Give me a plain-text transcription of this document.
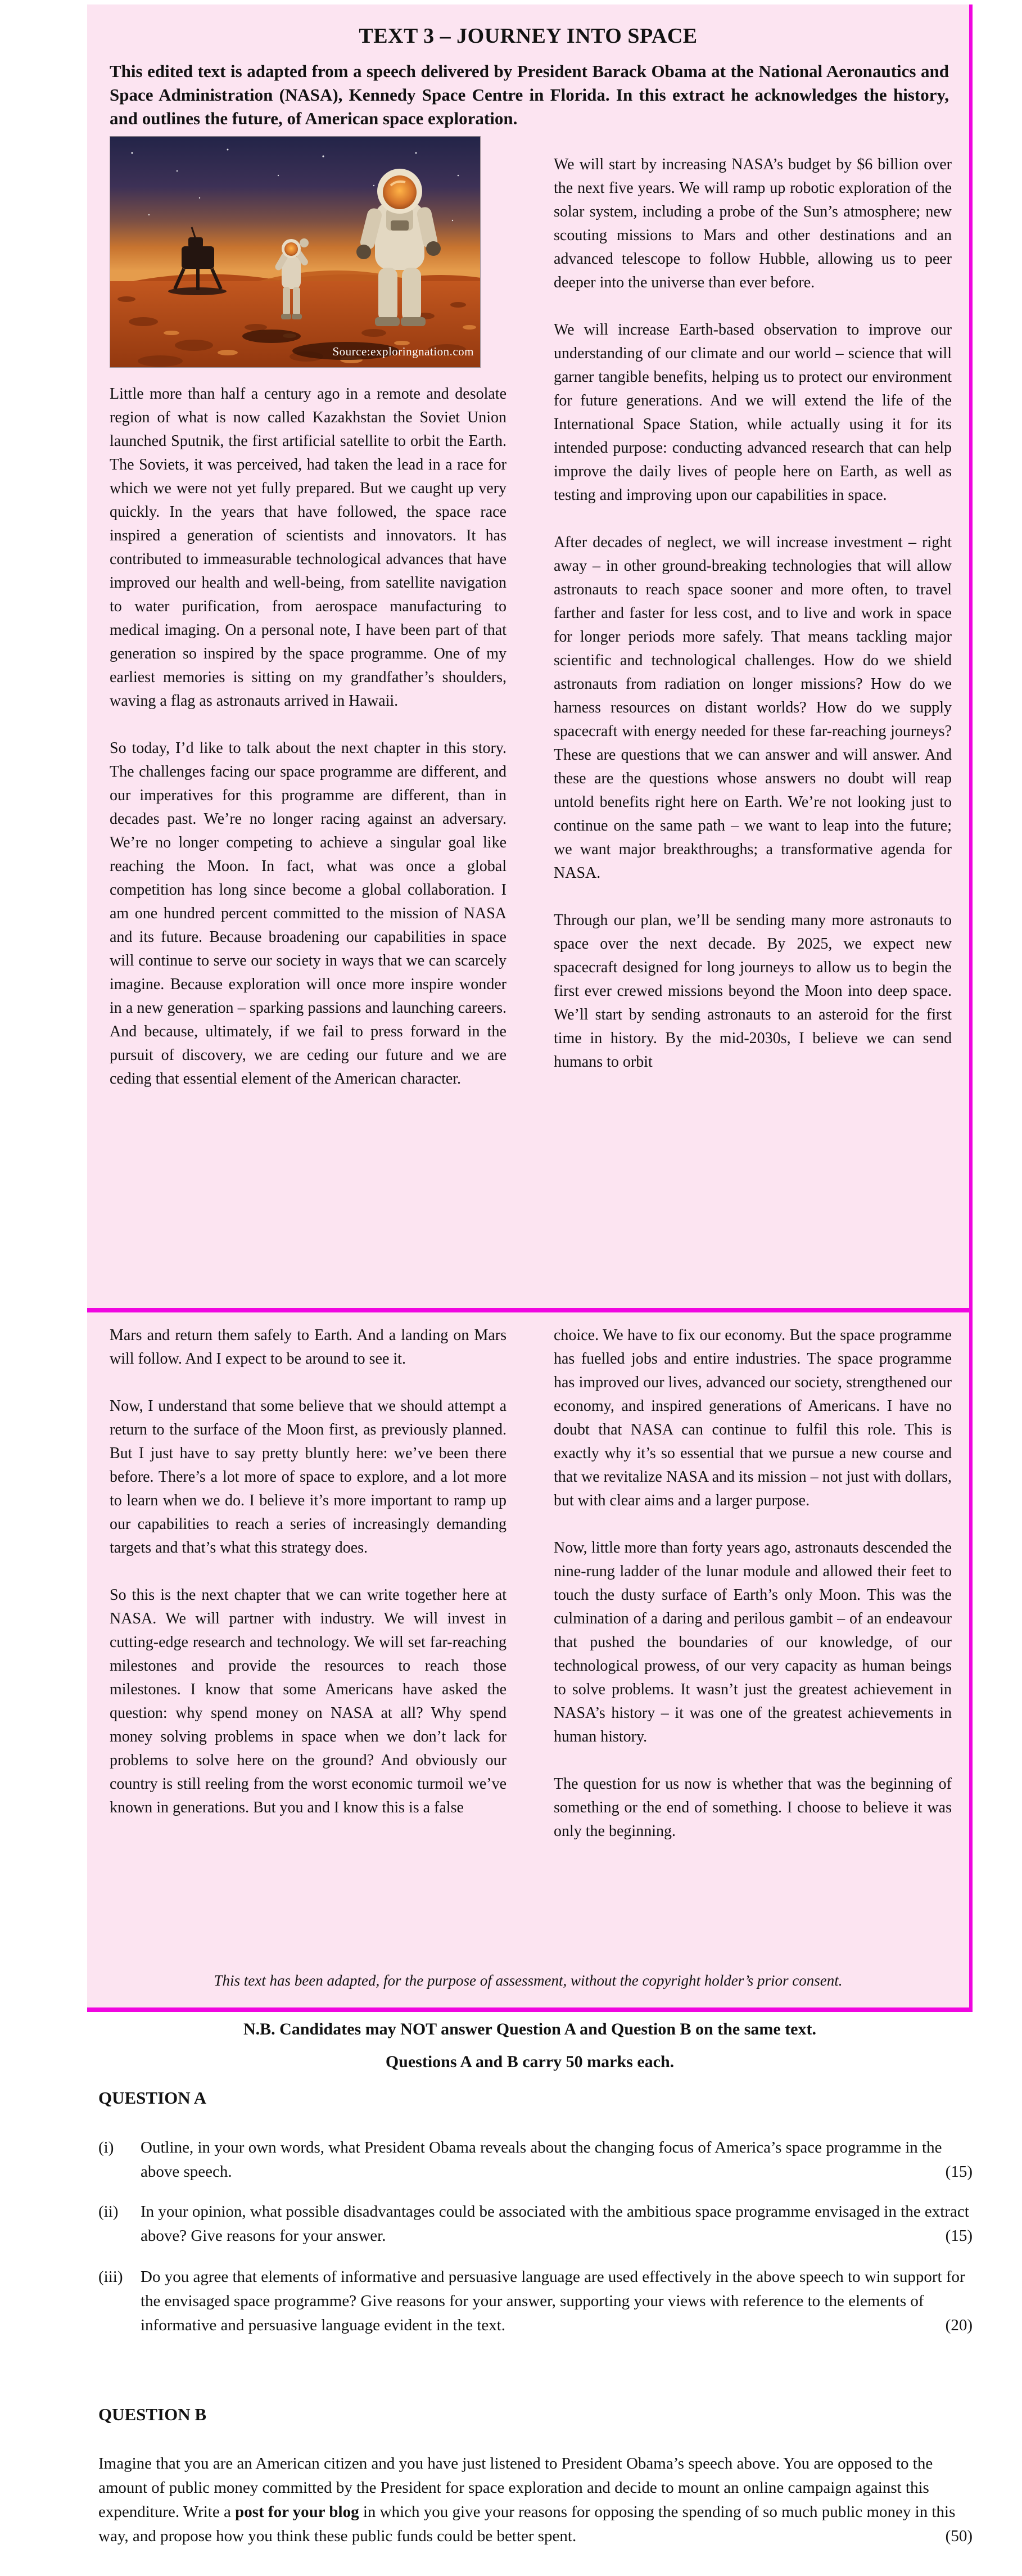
TEXT 3 – JOURNEY INTO SPACE
This edited text is adapted from a speech delivered by President Barack Obama at the National Aeronautics and Space Administration (NASA), Kennedy Space Centre in Florida. In this extract he acknowledges the history, and outlines the future, of American space exploration.
Source:exploringnation.com

Little more than half a century ago in a remote and desolate region of what is now called Kazakhstan the Soviet Union launched Sputnik, the first artificial satellite to orbit the Earth. The Soviets, it was perceived, had taken the lead in a race for which we were not yet fully prepared. But we caught up very quickly. In the years that have followed, the space race inspired a generation of scientists and innovators. It has contributed to immeasurable technological advances that have improved our health and well-being, from satellite navigation to water purification, from aerospace manufacturing to medical imaging. On a personal note, I have been part of that generation so inspired by the space programme. One of my earliest memories is sitting on my grandfather’s shoulders, waving a flag as astronauts arrived in Hawaii.

So today, I’d like to talk about the next chapter in this story. The challenges facing our space programme are different, and our imperatives for this programme are different, than in decades past. We’re no longer racing against an adversary. We’re no longer competing to achieve a singular goal like reaching the Moon. In fact, what was once a global competition has long since become a global collaboration. I am one hundred percent committed to the mission of NASA and its future. Because broadening our capabilities in space will continue to serve our society in ways that we can scarcely imagine. Because exploration will once more inspire wonder in a new generation – sparking passions and launching careers. And because, ultimately, if we fail to press forward in the pursuit of discovery, we are ceding our future and we are ceding that essential element of the American character.

We will start by increasing NASA’s budget by $6 billion over the next five years. We will ramp up robotic exploration of the solar system, including a probe of the Sun’s atmosphere; new scouting missions to Mars and other destinations and an advanced telescope to follow Hubble, allowing us to peer deeper into the universe than ever before.

We will increase Earth-based observation to improve our understanding of our climate and our world – science that will garner tangible benefits, helping us to protect our environment for future generations. And we will extend the life of the International Space Station, while actually using it for its intended purpose: conducting advanced research that can help improve the daily lives of people here on Earth, as well as testing and improving upon our capabilities in space.

After decades of neglect, we will increase investment – right away – in other ground-breaking technologies that will allow astronauts to reach space sooner and more often, to travel farther and faster for less cost, and to live and work in space for longer periods more safely. That means tackling major scientific and technological challenges. How do we shield astronauts from radiation on longer missions? How do we harness resources on distant worlds? How do we supply spacecraft with energy needed for these far-reaching journeys? These are questions that we can answer and will answer. And these are the questions whose answers no doubt will reap untold benefits right here on Earth. We’re not looking just to continue on the same path – we want to leap into the future; we want major breakthroughs; a transformative agenda for NASA.

Through our plan, we’ll be sending many more astronauts to space over the next decade. By 2025, we expect new spacecraft designed for long journeys to allow us to begin the first ever crewed missions beyond the Moon into deep space. We’ll start by sending astronauts to an asteroid for the first time in history. By the mid-2030s, I believe we can send humans to orbit

Mars and return them safely to Earth. And a landing on Mars will follow. And I expect to be around to see it.

Now, I understand that some believe that we should attempt a return to the surface of the Moon first, as previously planned. But I just have to say pretty bluntly here: we’ve been there before. There’s a lot more of space to explore, and a lot more to learn when we do. I believe it’s more important to ramp up our capabilities to reach a series of increasingly demanding targets and that’s what this strategy does.

So this is the next chapter that we can write together here at NASA. We will partner with industry. We will invest in cutting-edge research and technology. We will set far-reaching milestones and provide the resources to reach those milestones. I know that some Americans have asked the question: why spend money on NASA at all? Why spend money solving problems in space when we don’t lack for problems to solve here on the ground? And obviously our country is still reeling from the worst economic turmoil we’ve known in generations. But you and I know this is a false

choice. We have to fix our economy. But the space programme has fuelled jobs and entire industries. The space programme has improved our lives, advanced our society, strengthened our economy, and inspired generations of Americans. I have no doubt that NASA can continue to fulfil this role. This is exactly why it’s so essential that we pursue a new course and that we revitalize NASA and its mission – not just with dollars, but with clear aims and a larger purpose.

Now, little more than forty years ago, astronauts descended the nine-rung ladder of the lunar module and allowed their feet to touch the dusty surface of Earth’s only Moon. This was the culmination of a daring and perilous gambit – of an endeavour that pushed the boundaries of our knowledge, of our technological prowess, of our very capacity as human beings to solve problems. It wasn’t just the greatest achievement in NASA’s history – it was one of the greatest achievements in human history.

The question for us now is whether that was the beginning of something or the end of something. I choose to believe it was only the beginning.

This text has been adapted, for the purpose of assessment, without the copyright holder’s prior consent.
N.B. Candidates may NOT answer Question A and Question B on the same text.
Questions A and B carry 50 marks each.
QUESTION A
(i)	Outline, in your own words, what President Obama reveals about the changing focus of America’s space programme in the above speech.	(15)
(ii)	In your opinion, what possible disadvantages could be associated with the ambitious space programme envisaged in the extract above? Give reasons for your answer.	(15)
(iii)	Do you agree that elements of informative and persuasive language are used effectively in the above speech to win support for the envisaged space programme? Give reasons for your answer, supporting your views with reference to the elements of informative and persuasive language evident in the text.	(20)
QUESTION B
Imagine that you are an American citizen and you have just listened to President Obama’s speech above. You are opposed to the amount of public money committed by the President for space exploration and decide to mount an online campaign against this expenditure. Write a post for your blog in which you give your reasons for opposing the spending of so much public money in this way, and propose how you think these public funds could be better spent.	(50)
